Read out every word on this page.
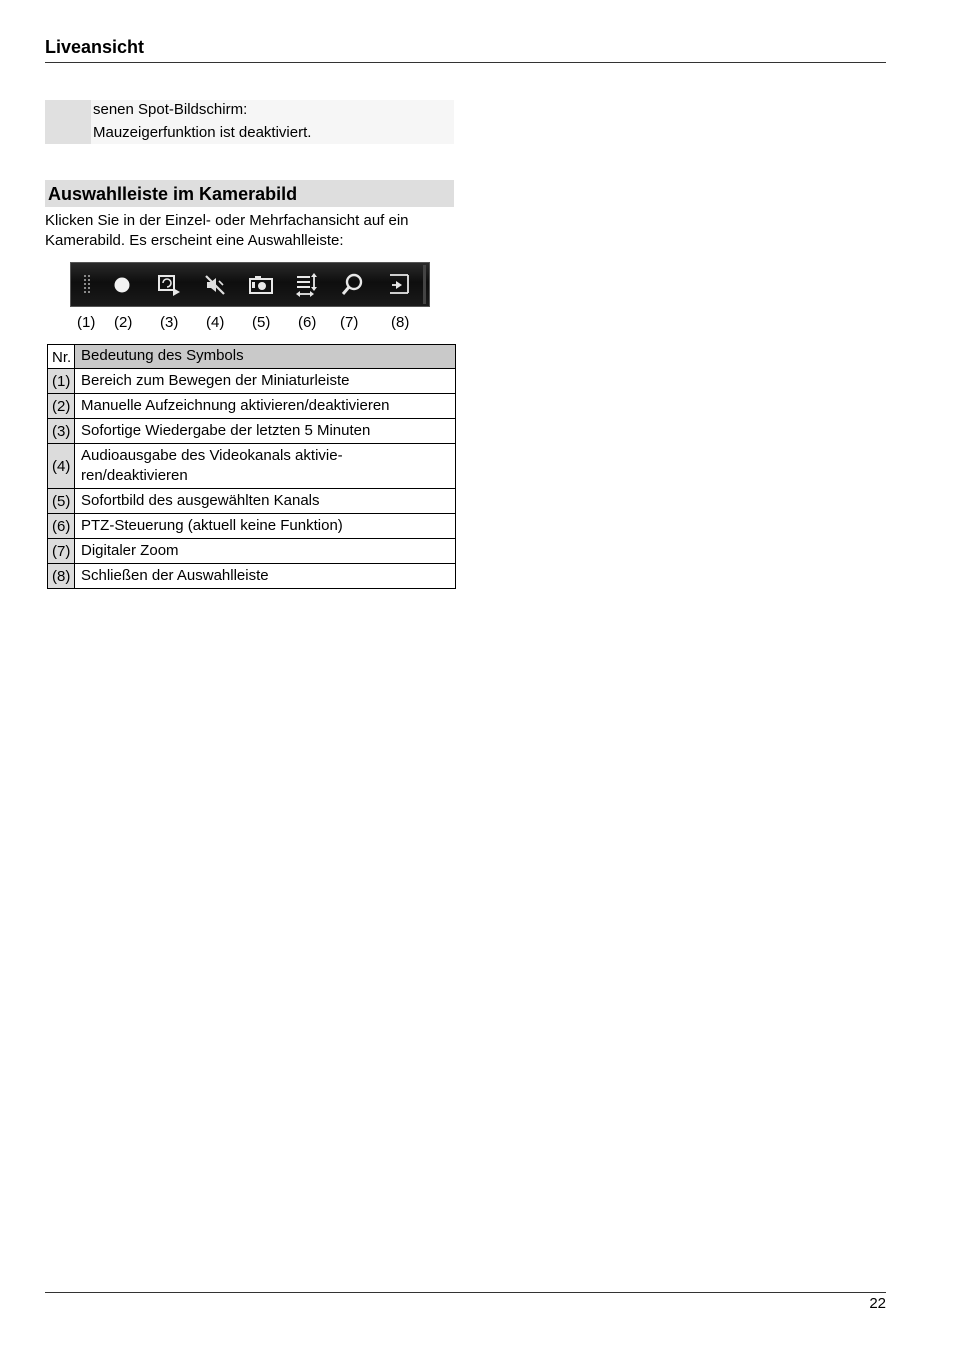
Liveansicht
senen Spot-Bildschirm:
Mauzeigerfunktion ist deaktiviert.
Auswahlleiste im Kamerabild
Klicken Sie in der Einzel- oder Mehrfachansicht auf ein
Kamerabild. Es erscheint eine Auswahlleiste:
(1) (2) (3) (4) (5) (6) (7) (8)
Nr.	Bedeutung des Symbols
(1)	Bereich zum Bewegen der Miniaturleiste
(2)	Manuelle Aufzeichnung aktivieren/deaktivieren
(3)	Sofortige Wiedergabe der letzten 5 Minuten
(4)	Audioausgabe des Videokanals aktivie-
ren/deaktivieren
(5)	Sofortbild des ausgewählten Kanals
(6)	PTZ-Steuerung (aktuell keine Funktion)
(7)	Digitaler Zoom
(8)	Schließen der Auswahlleiste
22
